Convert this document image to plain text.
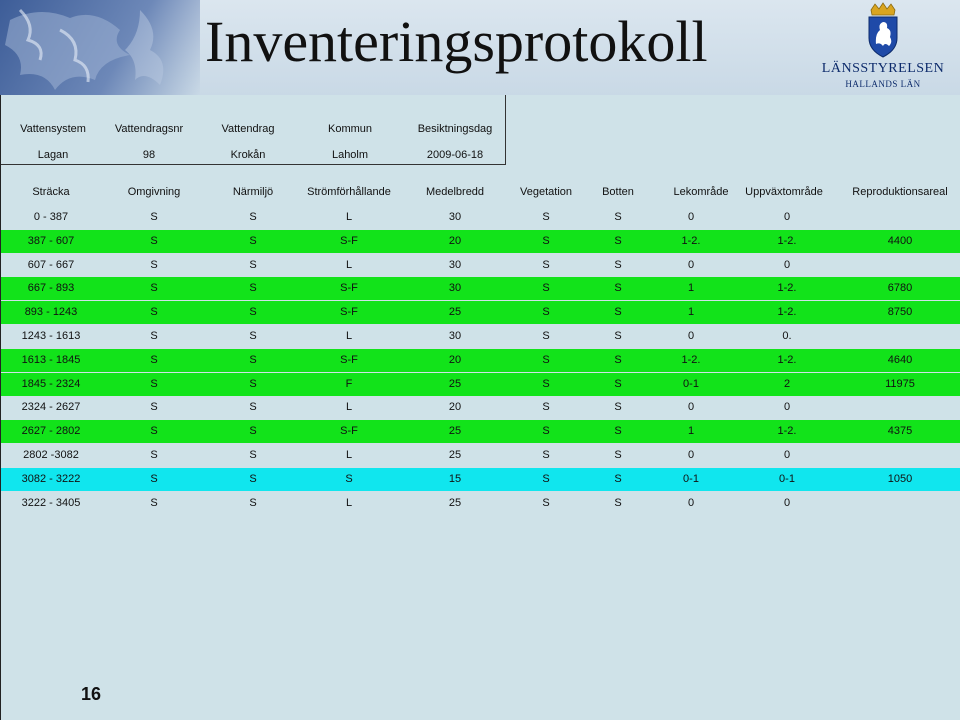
Inventeringsprotokoll	LÄNSSTYRELSEN
HALLANDS LÄN
Vattensystem	Vattendragsnr	Vattendrag	Kommun	Besiktningsdag
Lagan	98	Krokån	Laholm	2009-06-18
Sträcka	Omgivning	Närmiljö	Strömförhållande	Medelbredd	Vegetation	Botten	Lekområde	Uppväxtområde	Reproduktionsareal
0 - 387	S	S	L	30	S	S	0	0
387 - 607	S	S	S-F	20	S	S	1-2.	1-2.	4400
607 - 667	S	S	L	30	S	S	0	0
667 - 893	S	S	S-F	30	S	S	1	1-2.	6780
893 - 1243	S	S	S-F	25	S	S	1	1-2.	8750
1243 - 1613	S	S	L	30	S	S	0	0.
1613 - 1845	S	S	S-F	20	S	S	1-2.	1-2.	4640
1845 - 2324	S	S	F	25	S	S	0-1	2	11975
2324 - 2627	S	S	L	20	S	S	0	0
2627 - 2802	S	S	S-F	25	S	S	1	1-2.	4375
2802 -3082	S	S	L	25	S	S	0	0
3082 - 3222	S	S	S	15	S	S	0-1	0-1	1050
3222 - 3405	S	S	L	25	S	S	0	0
16
